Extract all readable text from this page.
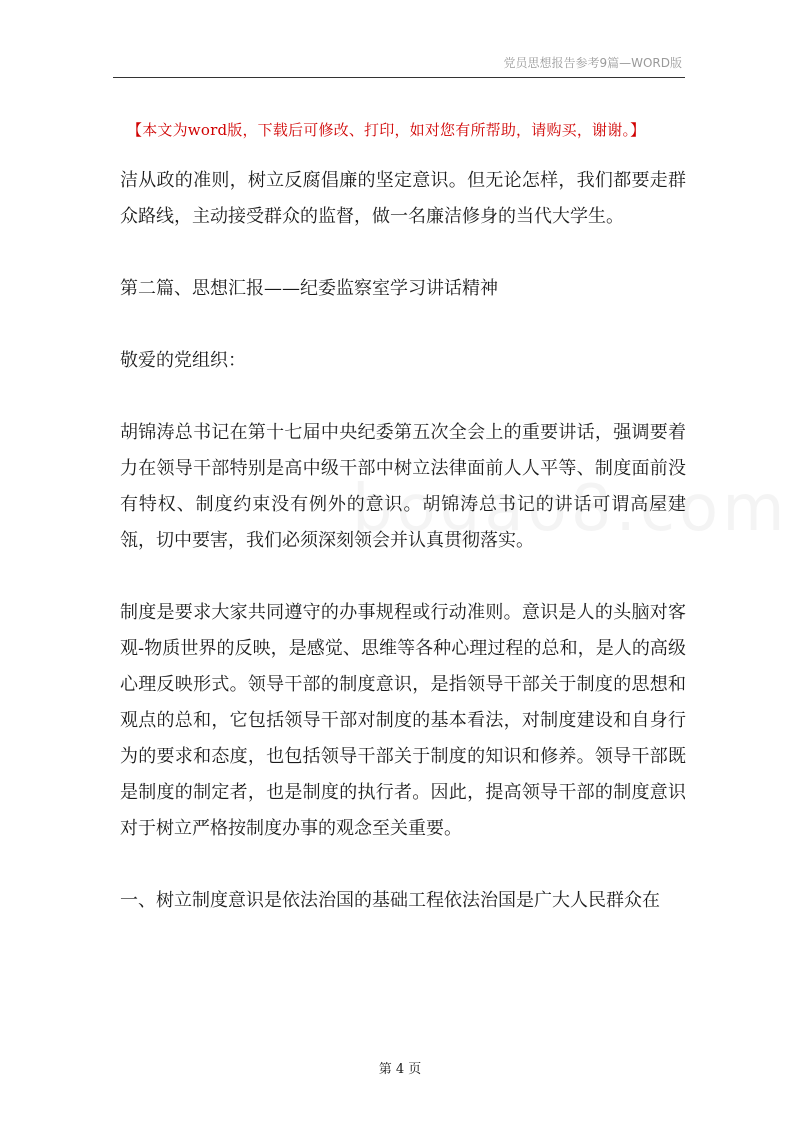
党员思想报告参考9篇—WORD版
【本文为word版，下载后可修改、打印，如对您有所帮助，请购买，谢谢。】

洁从政的准则，树立反腐倡廉的坚定意识。但无论怎样，我们都要走群众路线，主动接受群众的监督，做一名廉洁修身的当代大学生。

第二篇、思想汇报——纪委监察室学习讲话精神

敬爱的党组织：

胡锦涛总书记在第十七届中央纪委第五次全会上的重要讲话，强调要着力在领导干部特别是高中级干部中树立法律面前人人平等、制度面前没有特权、制度约束没有例外的意识。胡锦涛总书记的讲话可谓高屋建瓴，切中要害，我们必须深刻领会并认真贯彻落实。

制度是要求大家共同遵守的办事规程或行动准则。意识是人的头脑对客观-物质世界的反映，是感觉、思维等各种心理过程的总和，是人的高级心理反映形式。领导干部的制度意识，是指领导干部关于制度的思想和观点的总和，它包括领导干部对制度的基本看法，对制度建设和自身行为的要求和态度，也包括领导干部关于制度的知识和修养。领导干部既是制度的制定者，也是制度的执行者。因此，提高领导干部的制度意识对于树立严格按制度办事的观念至关重要。

一、树立制度意识是依法治国的基础工程依法治国是广大人民群众在

第 4 页
